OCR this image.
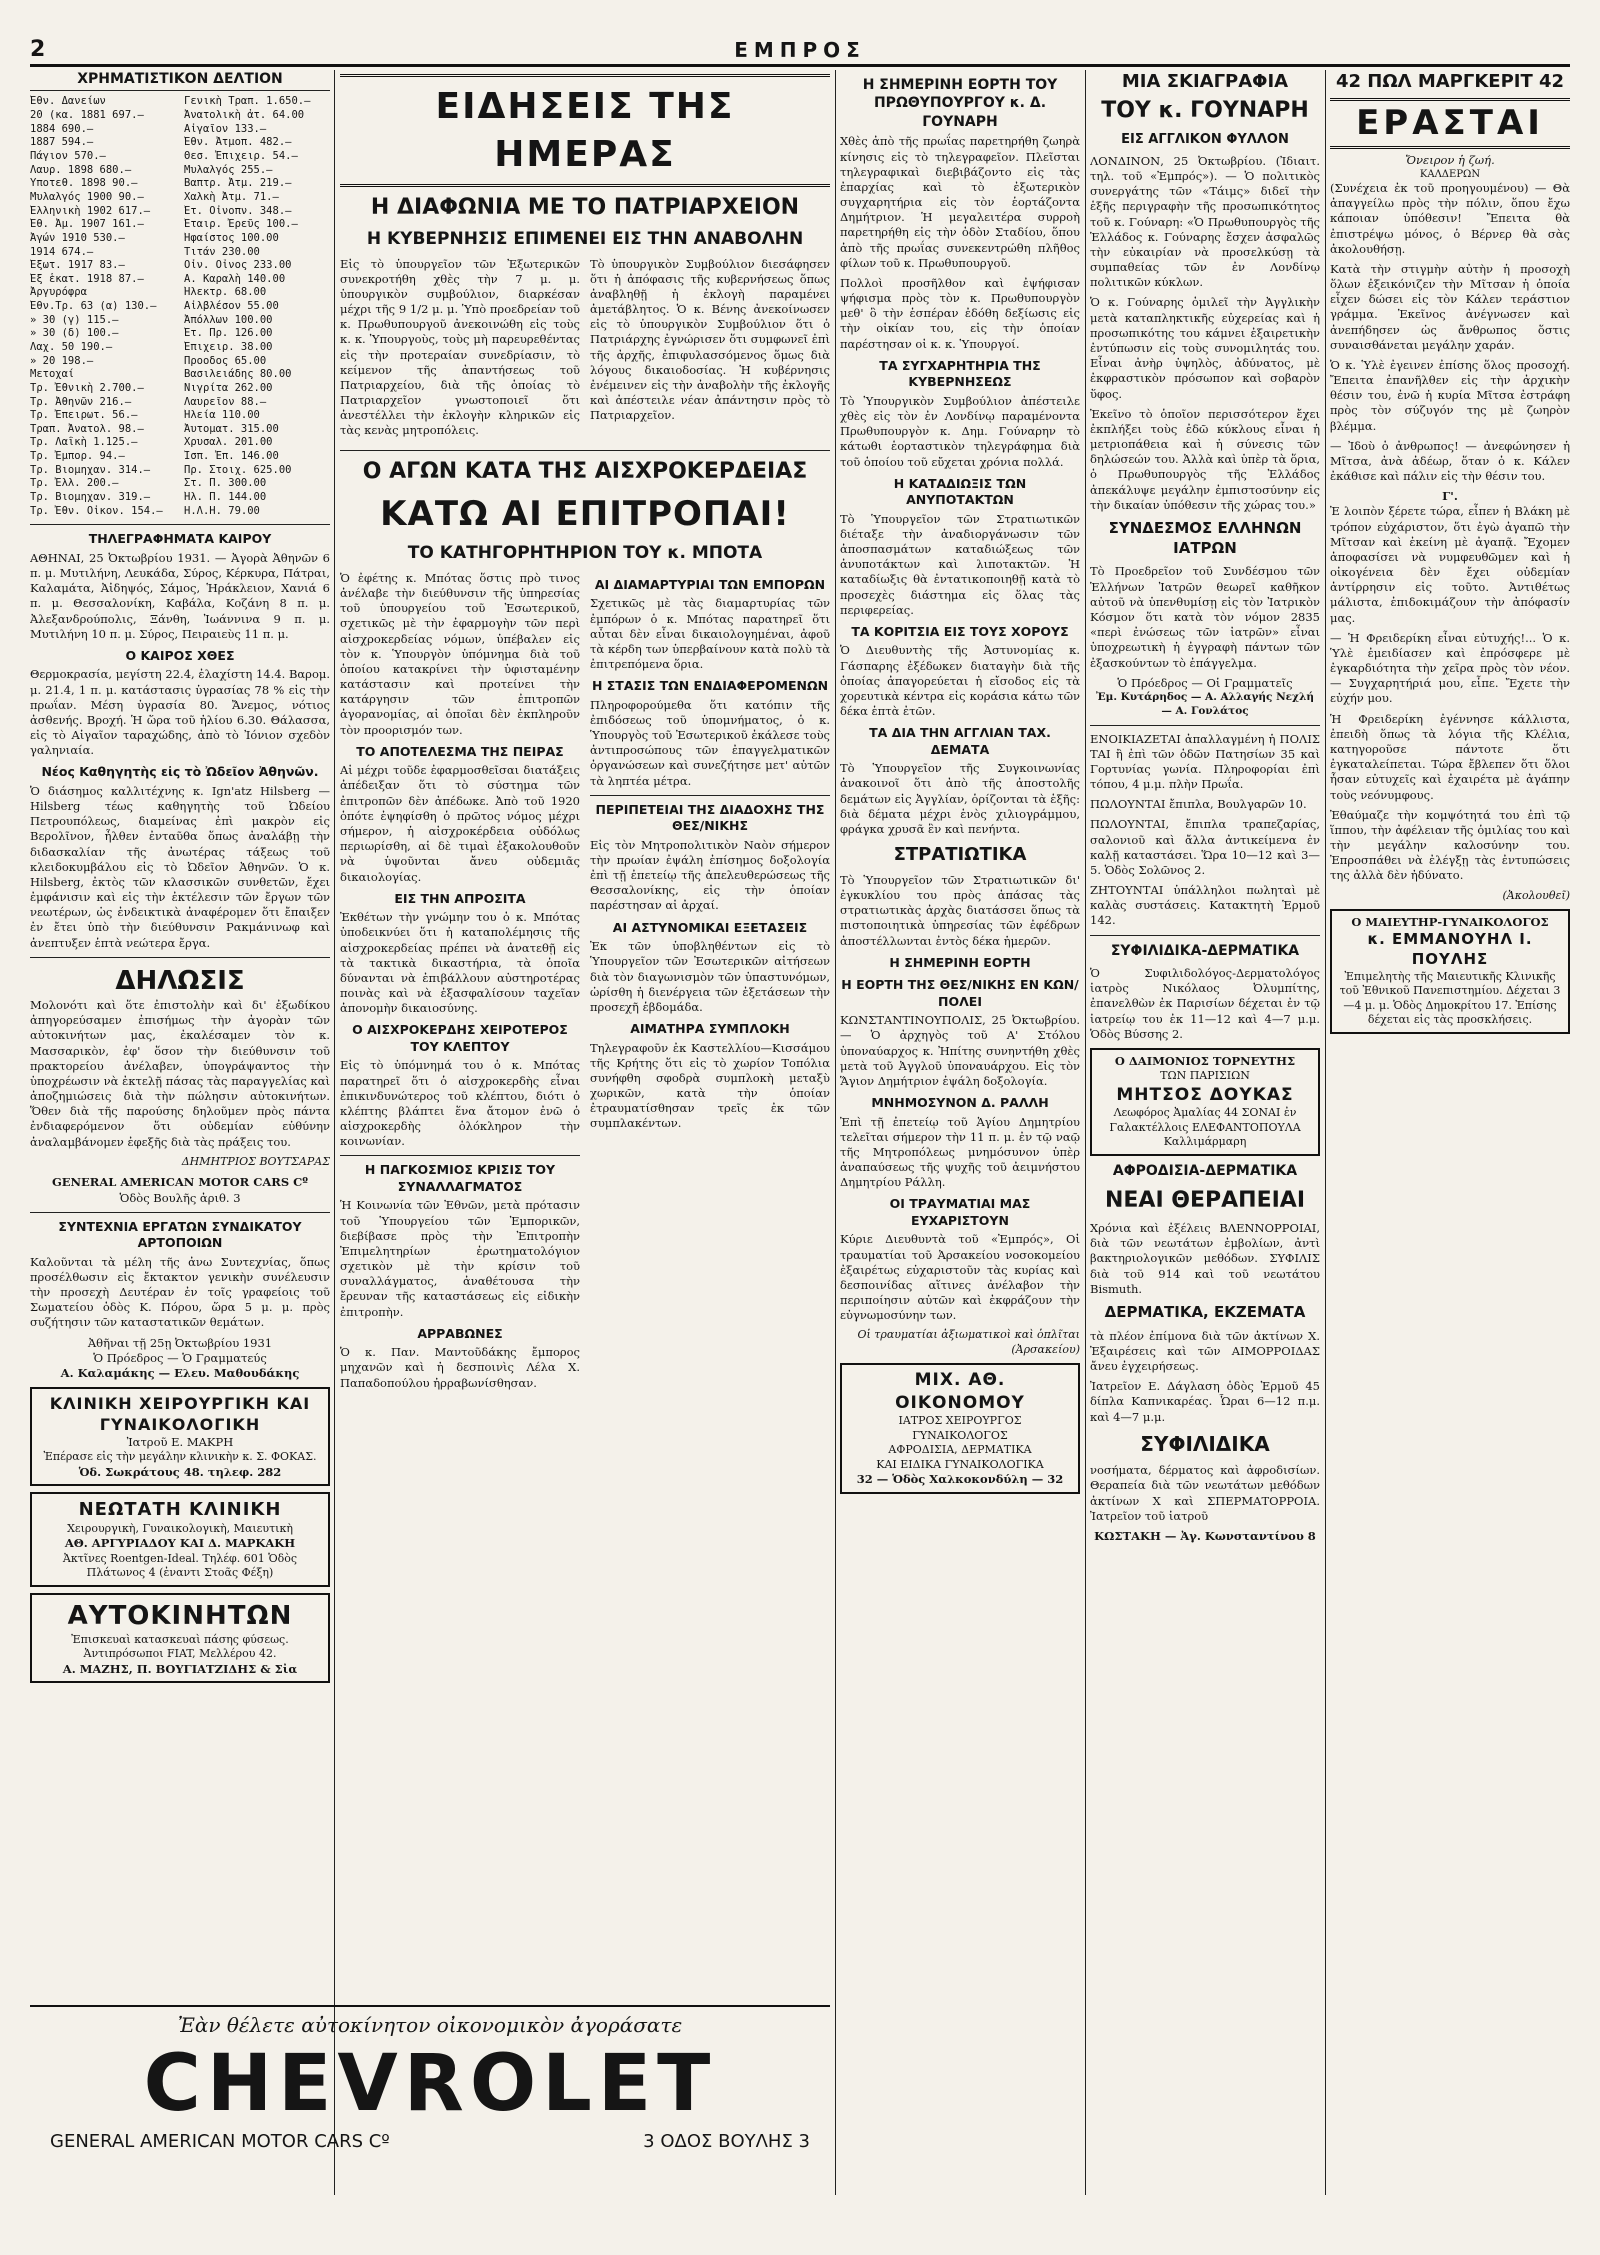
2	ΕΜΠΡΟΣ
ΧΡΗΜΑΤΙΣΤΙΚΟΝ ΔΕΛΤΙΟΝ
Ἐθν. Δανείων	Γενικὴ Τραπ. 1.650.—
20 (κα. 1881 697.—	Ἀνατολικὴ ἀτ. 64.00
1884 690.—	Αἰγαῖον 133.—
1887 594.—	Ἐθν. Ἀτμοπ. 482.—
Πάγιον 570.—	Θεσ. Ἐπιχειρ. 54.—
Λαυρ. 1898 680.—	Μυλαλγός 255.—
Ὑποτεθ. 1898 90.—	Βαπτρ. Ἀτμ. 219.—
Μυλαλγός 1900 90.—	Χαλκὴ Ἀτμ. 71.—
Ἐλληνικὴ 1902 617.—	Ἑτ. Οἰνοπν. 348.—
Ἐθ. Ἀμ. 1907 161.—	Ἑταιρ. Ἐρεῦς 100.—
Ἀγών 1910 530.—	Ἡφαίστος 100.00
1914 674.—	Τιτάν 230.00
Ἐξωτ. 1917 83.—	Οἶν. Οἶνος 233.00
Ἐξ ἑκατ. 1918 87.—	Α. Καραλὴ 140.00
Ἀργυρόφρα	Ἠλεκτρ. 68.00
Ἐθν.Τρ. 63 (α) 130.—	Αἰλβλέσον 55.00
» 30 (γ) 115.—	Ἀπόλλων 100.00
» 30 (δ) 100.—	Ἐτ. Πρ. 126.00
Λαχ. 50 190.—	Ἐπιχειρ. 38.00
» 20 198.—	Προοδος 65.00
Μετοχαί	Βασιλειάδης 80.00
Τρ. Ἐθνικὴ 2.700.—	Νιγρίτα 262.00
Τρ. Ἀθηνῶν 216.—	Λαυρεῖον 88.—
Τρ. Ἐπειρωτ. 56.—	Ἡλεία 110.00
Τραπ. Ἀνατολ. 98.—	Ἀυτοματ. 315.00
Τρ. Λαΐκὴ 1.125.—	Χρυσαλ. 201.00
Τρ. Ἐμπορ. 94.—	Ἰσπ. Ἐπ. 146.00
Τρ. Βιομηχαν. 314.—	Πρ. Στοιχ. 625.00
Τρ. Ἐλλ. 200.—	Στ. Π. 300.00
Τρ. Βιομηχαν. 319.—	Ἠλ. Π. 144.00
Τρ. Ἐθν. Οἰκον. 154.—	Η.Λ.Η. 79.00
ΤΗΛΕΓΡΑΦΗΜΑΤΑ ΚΑΙΡΟΥ

ΑΘΗΝΑΙ, 25 Ὀκτωβρίου 1931. — Ἀγορὰ Ἀθηνῶν 6 π. μ. Μυτιλήνη, Λευκάδα, Σύρος, Κέρκυρα, Πάτραι, Καλαμάτα, Ἀἰδηψός, Σάμος, Ἡράκλειον, Χανιά 6 π. μ. Θεσσαλονίκη, Καβάλα, Κοζάνη 8 π. μ. Ἀλεξανδρούπολις, Ξάνθη, Ἰωάννινα 9 π. μ. Μυτιλήνη 10 π. μ. Σύρος, Πειραιεὺς 11 π. μ.

Ο ΚΑΙΡΟΣ ΧΘΕΣ

Θερμοκρασία, μεγίστη 22.4, ἐλαχίστη 14.4. Βαρομ. μ. 21.4, 1 π. μ. κατάστασις ὑγρασίας 78 % εἰς τὴν πρωΐαν. Μέση ὑγρασία 80. Ἄνεμος, νότιος ἀσθενής. Βροχή. Ἡ ὥρα τοῦ ἡλίου 6.30. Θάλασσα, εἰς τὸ Αἰγαῖον ταραχώδης, ἀπὸ τὸ Ἰόνιον σχεδὸν γαληνιαία.

Νέος Καθηγητὴς εἰς τὸ Ὠδεῖον Ἀθηνῶν.

Ὁ διάσημος καλλιτέχνης κ. Ign'atz Hilsberg — Hilsberg τέως καθηγητὴς τοῦ Ὠδείου Πετρουπόλεως, διαμείνας ἐπὶ μακρὸν εἰς Βερολῖνον, ἦλθεν ἐνταῦθα ὅπως ἀναλάβῃ τὴν διδασκαλίαν τῆς ἀνωτέρας τάξεως τοῦ κλειδοκυμβάλου εἰς τὸ Ὠδεῖον Ἀθηνῶν. Ὁ κ. Hilsberg, ἐκτὸς τῶν κλασσικῶν συνθετῶν, ἔχει ἐμφάνισιν καὶ εἰς τὴν ἐκτέλεσιν τῶν ἔργων τῶν νεωτέρων, ὡς ἐνδεικτικὰ ἀναφέρομεν ὅτι ἔπαιξεν ἐν ἔτει ὑπὸ τὴν διεύθυνσιν Ρακμάνινωφ καὶ ἀνεπτυξεν ἑπτὰ νεώτερα ἔργα.

ΔΗΛΩΣΙΣ

Μολονότι καὶ ὅτε ἐπιστολὴν καὶ δι' ἐξωδίκου ἀπηγορεύσαμεν ἐπισήμως τὴν ἀγορὰν τῶν αὐτοκινήτων μας, ἐκαλέσαμεν τὸν κ. Μασσαρικὸν, ἐφ' ὅσον τὴν διεύθυνσιν τοῦ πρακτορείου ἀνέλαβεν, ὑπογράψαντος τὴν ὑποχρέωσιν νὰ ἐκτελῇ πάσας τὰς παραγγελίας καὶ ἀποζημιώσεις διὰ τὴν πώλησιν αὐτοκινήτων. Ὅθεν διὰ τῆς παρούσης δηλοῦμεν πρὸς πάντα ἐνδιαφερόμενον ὅτι οὐδεμίαν εὐθύνην ἀναλαμβάνομεν ἐφεξῆς διὰ τὰς πράξεις του.

ΔΗΜΗΤΡΙΟΣ ΒΟΥΤΣΑΡΑΣ
GENERAL AMERICAN MOTOR CARS Cº
Ὁδὸς Βουλῆς ἀριθ. 3
ΣΥΝΤΕΧΝΙΑ ΕΡΓΑΤΩΝ ΣΥΝΔΙΚΑΤΟΥ ΑΡΤΟΠΟΙΩΝ

Καλοῦνται τὰ μέλη τῆς ἀνω Συντεχνίας, ὅπως προσέλθωσιν εἰς ἔκτακτον γενικὴν συνέλευσιν τὴν προσεχὴ Δευτέραν ἐν τοῖς γραφείοις τοῦ Σωματείου ὁδὸς Κ. Πόρου, ὥρα 5 μ. μ. πρὸς συζήτησιν τῶν καταστατικῶν θεμάτων.

Ἀθῆναι τῇ 25ῃ Ὀκτωβρίου 1931
Ὁ Πρόεδρος — Ὁ Γραμματεύς
Α. Καλαμάκης — Ελευ. Μαθουδάκης
ΚΛΙΝΙΚΗ ΧΕΙΡΟΥΡΓΙΚΗ ΚΑΙ ΓΥΝΑΙΚΟΛΟΓΙΚΗ
Ἰατροῦ Ε. ΜΑΚΡΗ
Ἐπέρασε εἰς τὴν μεγάλην κλινικὴν κ. Σ. ΦΟΚΑΣ.
Ὁδ. Σωκράτους 48. τηλεφ. 282
ΝΕΩΤΑΤΗ ΚΛΙΝΙΚΗ
Χειρουργικὴ, Γυναικολογικὴ, Μαιευτικὴ
ΑΘ. ΑΡΓΥΡΙΑΔΟΥ ΚΑΙ Δ. ΜΑΡΚΑΚΗ
Ἀκτῖνες Roentgen-Ideal. Τηλέφ. 601 Ὁδὸς Πλάτωνος 4 (ἐναντι Στοᾶς Φέξη)
ΑΥΤΟΚΙΝΗΤΩΝ
Ἐπισκευαὶ κατασκευαὶ πάσης φύσεως. Ἀντιπρόσωποι FIAT, Μελλέρου 42.
Α. ΜΑΖΗΣ, Π. ΒΟΥΓΙΑΤΖΙΔΗΣ & Σἰα
ΕΙΔΗΣΕΙΣ ΤΗΣ ΗΜΕΡΑΣ
Η ΔΙΑΦΩΝΙΑ ΜΕ ΤΟ ΠΑΤΡΙΑΡΧΕΙΟΝ
Η ΚΥΒΕΡΝΗΣΙΣ ΕΠΙΜΕΝΕΙ ΕΙΣ ΤΗΝ ΑΝΑΒΟΛΗΝ

Εἰς τὸ ὑπουργεῖον τῶν Ἐξωτερικῶν συνεκροτήθη χθὲς τὴν 7 μ. μ. ὑπουργικὸν συμβούλιον, διαρκέσαν μέχρι τῆς 9 1/2 μ. μ. Ὑπὸ προεδρείαν τοῦ κ. Πρωθυπουργοῦ ἀνεκοινώθη εἰς τοὺς κ. κ. Ὑπουργοὺς, τοὺς μὴ παρευρεθέντας εἰς τὴν προτεραίαν συνεδρίασιν, τὸ κείμενον τῆς ἀπαντήσεως τοῦ Πατριαρχείου, διὰ τῆς ὁποίας τὸ Πατριαρχεῖον γνωστοποιεῖ ὅτι ἀνεστέλλει τὴν ἐκλογὴν κληρικῶν εἰς τὰς κενὰς μητροπόλεις.

Τὸ ὑπουργικὸν Συμβούλιον διεσάφησεν ὅτι ἡ ἀπόφασις τῆς κυβερνήσεως ὅπως ἀναβληθῇ ἡ ἐκλογὴ παραμένει ἀμετάβλητος. Ὁ κ. Βένης ἀνεκοίνωσεν εἰς τὸ ὑπουργικὸν Συμβούλιον ὅτι ὁ Πατριάρχης ἐγνώρισεν ὅτι συμφωνεῖ ἐπὶ τῆς ἀρχῆς, ἐπιφυλασσόμενος ὅμως διὰ λόγους δικαιοδοσίας. Ἡ κυβέρνησις ἐνέμεινεν εἰς τὴν ἀναβολὴν τῆς ἐκλογῆς καὶ ἀπέστειλε νέαν ἀπάντησιν πρὸς τὸ Πατριαρχεῖον.

Ο ΑΓΩΝ ΚΑΤΑ ΤΗΣ ΑΙΣΧΡΟΚΕΡΔΕΙΑΣ
ΚΑΤΩ ΑΙ ΕΠΙΤΡΟΠΑΙ!
ΤΟ ΚΑΤΗΓΟΡΗΤΗΡΙΟΝ ΤΟΥ κ. ΜΠΟΤΑ

Ὁ ἐφέτης κ. Μπότας ὅστις πρὸ τινος ἀνέλαβε τὴν διεύθυνσιν τῆς ὑπηρεσίας τοῦ ὑπουργείου τοῦ Ἐσωτερικοῦ, σχετικῶς μὲ τὴν ἐφαρμογὴν τῶν περὶ αἰσχροκερδείας νόμων, ὑπέβαλεν εἰς τὸν κ. Ὑπουργὸν ὑπόμνημα διὰ τοῦ ὁποίου κατακρίνει τὴν ὑφισταμένην κατάστασιν καὶ προτείνει τὴν κατάργησιν τῶν ἐπιτροπῶν ἀγορανομίας, αἱ ὁποῖαι δὲν ἐκπληροῦν τὸν προορισμόν των.

ΤΟ ΑΠΟΤΕΛΕΣΜΑ ΤΗΣ ΠΕΙΡΑΣ

Αἱ μέχρι τοῦδε ἐφαρμοσθεῖσαι διατάξεις ἀπέδειξαν ὅτι τὸ σύστημα τῶν ἐπιτροπῶν δὲν ἀπέδωκε. Ἀπὸ τοῦ 1920 ὁπότε ἐψηφίσθη ὁ πρῶτος νόμος μέχρι σήμερον, ἡ αἰσχροκέρδεια οὐδόλως περιωρίσθη, αἱ δὲ τιμαὶ ἐξακολουθοῦν νὰ ὑψοῦνται ἄνευ οὐδεμιᾶς δικαιολογίας.

ΕΙΣ ΤΗΝ ΑΠΡΟΣΙΤΑ

Ἐκθέτων τὴν γνώμην του ὁ κ. Μπότας ὑποδεικνύει ὅτι ἡ καταπολέμησις τῆς αἰσχροκερδείας πρέπει νὰ ἀνατεθῇ εἰς τὰ τακτικὰ δικαστήρια, τὰ ὁποῖα δύνανται νὰ ἐπιβάλλουν αὐστηροτέρας ποινὰς καὶ νὰ ἐξασφαλίσουν ταχεῖαν ἀπονομὴν δικαιοσύνης.

Ο ΑΙΣΧΡΟΚΕΡΔΗΣ ΧΕΙΡΟΤΕΡΟΣ ΤΟΥ ΚΛΕΠΤΟΥ

Εἰς τὸ ὑπόμνημά του ὁ κ. Μπότας παρατηρεῖ ὅτι ὁ αἰσχροκερδὴς εἶναι ἐπικινδυνώτερος τοῦ κλέπτου, διότι ὁ κλέπτης βλάπτει ἕνα ἄτομον ἐνῶ ὁ αἰσχροκερδὴς ὁλόκληρον τὴν κοινωνίαν.

Η ΠΑΓΚΟΣΜΙΟΣ ΚΡΙΣΙΣ ΤΟΥ ΣΥΝΑΛΛΑΓΜΑΤΟΣ

Ἡ Κοινωνία τῶν Ἐθνῶν, μετὰ πρότασιν τοῦ Ὑπουργείου τῶν Ἐμπορικῶν, διεβίβασε πρὸς τὴν Ἐπιτροπὴν Ἐπιμελητηρίων ἐρωτηματολόγιον σχετικὸν μὲ τὴν κρίσιν τοῦ συναλλάγματος, ἀναθέτουσα τὴν ἔρευναν τῆς καταστάσεως εἰς εἰδικὴν ἐπιτροπὴν.

ΑΡΡΑΒΩΝΕΣ

Ὁ κ. Παν. Μαντοῦδάκης ἔμπορος μηχανῶν καὶ ἡ δεσποινὶς Λέλα Χ. Παπαδοπούλου ἠρραβωνίσθησαν.

ΑΙ ΔΙΑΜΑΡΤΥΡΙΑΙ ΤΩΝ ΕΜΠΟΡΩΝ

Σχετικῶς μὲ τὰς διαμαρτυρίας τῶν ἐμπόρων ὁ κ. Μπότας παρατηρεῖ ὅτι αὗται δὲν εἶναι δικαιολογημέναι, ἀφοῦ τὰ κέρδη των ὑπερβαίνουν κατὰ πολὺ τὰ ἐπιτρεπόμενα ὅρια.

Η ΣΤΑΣΙΣ ΤΩΝ ΕΝΔΙΑΦΕΡΟΜΕΝΩΝ

Πληροφορούμεθα ὅτι κατόπιν τῆς ἐπιδόσεως τοῦ ὑπομνήματος, ὁ κ. Ὑπουργὸς τοῦ Ἐσωτερικοῦ ἐκάλεσε τοὺς ἀντιπροσώπους τῶν ἐπαγγελματικῶν ὀργανώσεων καὶ συνεζήτησε μετ' αὐτῶν τὰ ληπτέα μέτρα.

ΠΕΡΙΠΕΤΕΙΑΙ ΤΗΣ ΔΙΑΔΟΧΗΣ ΤΗΣ ΘΕΣ/ΝΙΚΗΣ

Εἰς τὸν Μητροπολιτικὸν Ναὸν σήμερον τὴν πρωίαν ἐψάλη ἐπίσημος δοξολογία ἐπὶ τῇ ἐπετείῳ τῆς ἀπελευθερώσεως τῆς Θεσσαλονίκης, εἰς τὴν ὁποίαν παρέστησαν αἱ ἀρχαί.

ΑΙ ΑΣΤΥΝΟΜΙΚΑΙ ΕΞΕΤΑΣΕΙΣ

Ἐκ τῶν ὑποβληθέντων εἰς τὸ Ὑπουργεῖον τῶν Ἐσωτερικῶν αἰτήσεων διὰ τὸν διαγωνισμὸν τῶν ὑπαστυνόμων, ὠρίσθη ἡ διενέργεια τῶν ἐξετάσεων τὴν προσεχῆ ἑβδομάδα.

ΑΙΜΑΤΗΡΑ ΣΥΜΠΛΟΚΗ

Τηλεγραφοῦν ἐκ Καστελλίου—Κισσάμου τῆς Κρήτης ὅτι εἰς τὸ χωρίον Τοπόλια συνήφθη σφοδρὰ συμπλοκὴ μεταξὺ χωρικῶν, κατὰ τὴν ὁποίαν ἐτραυματίσθησαν τρεῖς ἐκ τῶν συμπλακέντων.

Η ΣΗΜΕΡΙΝΗ ΕΟΡΤΗ ΤΟΥ ΠΡΩΘΥΠΟΥΡΓΟΥ κ. Δ. ΓΟΥΝΑΡΗ

Χθὲς ἀπὸ τῆς πρωΐας παρετηρήθη ζωηρὰ κίνησις εἰς τὸ τηλεγραφεῖον. Πλεῖσται τηλεγραφικαὶ διεβιβάζοντο εἰς τὰς ἐπαρχίας καὶ τὸ ἐξωτερικὸν συγχαρητήρια εἰς τὸν ἑορτάζοντα Δημήτριον. Ἡ μεγαλειτέρα συρροὴ παρετηρήθη εἰς τὴν ὁδὸν Σταδίου, ὅπου ἀπὸ τῆς πρωΐας συνεκεντρώθη πλῆθος φίλων τοῦ κ. Πρωθυπουργοῦ.

Πολλοὶ προσῆλθον καὶ ἐψήφισαν ψήφισμα πρὸς τὸν κ. Πρωθυπουργὸν μεθ' ὃ τὴν ἑσπέραν ἐδόθη δεξίωσις εἰς τὴν οἰκίαν του, εἰς τὴν ὁποίαν παρέστησαν οἱ κ. κ. Ὑπουργοί.

ΤΑ ΣΥΓΧΑΡΗΤΗΡΙΑ ΤΗΣ ΚΥΒΕΡΝΗΣΕΩΣ

Τὸ Ὑπουργικὸν Συμβούλιον ἀπέστειλε χθὲς εἰς τὸν ἐν Λονδίνῳ παραμένοντα Πρωθυπουργὸν κ. Δημ. Γούναρην τὸ κάτωθι ἑορταστικὸν τηλεγράφημα διὰ τοῦ ὁποίου τοῦ εὔχεται χρόνια πολλά.

Η ΚΑΤΑΔΙΩΞΙΣ ΤΩΝ ΑΝΥΠΟΤΑΚΤΩΝ

Τὸ Ὑπουργεῖον τῶν Στρατιωτικῶν διέταξε τὴν ἀναδιοργάνωσιν τῶν ἀποσπασμάτων καταδιώξεως τῶν ἀνυποτάκτων καὶ λιποτακτῶν. Ἡ καταδίωξις θὰ ἐντατικοποιηθῇ κατὰ τὸ προσεχὲς διάστημα εἰς ὅλας τὰς περιφερείας.

ΤΑ ΚΟΡΙΤΣΙΑ ΕΙΣ ΤΟΥΣ ΧΟΡΟΥΣ

Ὁ Διευθυντὴς τῆς Ἀστυνομίας κ. Γάσπαρης ἐξέδωκεν διαταγὴν διὰ τῆς ὁποίας ἀπαγορεύεται ἡ εἴσοδος εἰς τὰ χορευτικὰ κέντρα εἰς κοράσια κάτω τῶν δέκα ἑπτὰ ἐτῶν.

ΤΑ ΔΙΑ ΤΗΝ ΑΓΓΛΙΑΝ ΤΑΧ. ΔΕΜΑΤΑ

Τὸ Ὑπουργεῖον τῆς Συγκοινωνίας ἀνακοινοῖ ὅτι ἀπὸ τῆς ἀποστολῆς δεμάτων εἰς Ἀγγλίαν, ὁρίζονται τὰ ἑξῆς: διὰ δέματα μέχρι ἑνὸς χιλιογράμμου, φράγκα χρυσᾶ ἓν καὶ πενήντα.

ΣΤΡΑΤΙΩΤΙΚΑ

Τὸ Ὑπουργεῖον τῶν Στρατιωτικῶν δι' ἐγκυκλίου του πρὸς ἁπάσας τὰς στρατιωτικὰς ἀρχὰς διατάσσει ὅπως τὰ πιστοποιητικὰ ὑπηρεσίας τῶν ἐφέδρων ἀποστέλλωνται ἐντὸς δέκα ἡμερῶν.

Η ΣΗΜΕΡΙΝΗ ΕΟΡΤΗ
Η ΕΟΡΤΗ ΤΗΣ ΘΕΣ/ΝΙΚΗΣ ΕΝ ΚΩΝ/ΠΟΛΕΙ

ΚΩΝΣΤΑΝΤΙΝΟΥΠΟΛΙΣ, 25 Ὀκτωβρίου. — Ὁ ἀρχηγὸς τοῦ Α' Στόλου ὑποναύαρχος κ. Ἠπίτης συνηντήθη χθὲς μετὰ τοῦ Ἀγγλοῦ ὑποναυάρχου. Εἰς τὸν Ἅγιον Δημήτριον ἐψάλη δοξολογία.

ΜΝΗΜΟΣΥΝΟΝ Δ. ΡΑΛΛΗ

Ἐπὶ τῇ ἐπετείῳ τοῦ Ἁγίου Δημητρίου τελεῖται σήμερον τὴν 11 π. μ. ἐν τῷ ναῷ τῆς Μητροπόλεως μνημόσυνον ὑπὲρ ἀναπαύσεως τῆς ψυχῆς τοῦ ἀειμνήστου Δημητρίου Ράλλη.

ΟΙ ΤΡΑΥΜΑΤΙΑΙ ΜΑΣ ΕΥΧΑΡΙΣΤΟΥΝ

Κύριε Διευθυντὰ τοῦ «Ἐμπρός», Οἱ τραυματίαι τοῦ Ἀρσακείου νοσοκομείου ἐξαιρέτως εὐχαριστοῦν τὰς κυρίας καὶ δεσποινίδας αἵτινες ἀνέλαβον τὴν περιποίησιν αὐτῶν καὶ ἐκφράζουν τὴν εὐγνωμοσύνην των.

Οἱ τραυματίαι ἀξιωματικοὶ καὶ ὁπλῖται (Ἀρσακείου)
ΜΙΧ. ΑΘ. ΟΙΚΟΝΟΜΟΥ
ΙΑΤΡΟΣ ΧΕΙΡΟΥΡΓΟΣ
ΓΥΝΑΙΚΟΛΟΓΟΣ
ΑΦΡΟΔΙΣΙΑ, ΔΕΡΜΑΤΙΚΑ
ΚΑΙ ΕΙΔΙΚΑ ΓΥΝΑΙΚΟΛΟΓΙΚΑ
32 — Ὁδὸς Χαλκοκονδύλη — 32
ΜΙΑ ΣΚΙΑΓΡΑΦΙΑ
ΤΟΥ κ. ΓΟΥΝΑΡΗ
ΕΙΣ ΑΓΓΛΙΚΟΝ ΦΥΛΛΟΝ

ΛΟΝΔΙΝΟΝ, 25 Ὀκτωβρίου. (Ἰδιαιτ. τηλ. τοῦ «Ἐμπρός»). — Ὁ πολιτικὸς συνεργάτης τῶν «Τάιμς» διδεῖ τὴν ἑξῆς περιγραφὴν τῆς προσωπικότητος τοῦ κ. Γούναρη: «Ὁ Πρωθυπουργὸς τῆς Ἑλλάδος κ. Γούναρης ἔσχεν ἀσφαλῶς τὴν εὐκαιρίαν νὰ προσελκύσῃ τὰ συμπαθείας τῶν ἐν Λονδίνῳ πολιτικῶν κύκλων.

Ὁ κ. Γούναρης ὁμιλεῖ τὴν Ἀγγλικὴν μετὰ καταπληκτικῆς εὐχερείας καὶ ἡ προσωπικότης του κάμνει ἐξαιρετικὴν ἐντύπωσιν εἰς τοὺς συνομιλητάς του. Εἶναι ἀνὴρ ὑψηλὸς, ἀδύνατος, μὲ ἐκφραστικὸν πρόσωπον καὶ σοβαρὸν ὕφος.

Ἐκεῖνο τὸ ὁποῖον περισσότερον ἔχει ἐκπλήξει τοὺς ἐδῶ κύκλους εἶναι ἡ μετριοπάθεια καὶ ἡ σύνεσις τῶν δηλώσεών του. Ἀλλὰ καὶ ὑπὲρ τὰ ὅρια, ὁ Πρωθυπουργὸς τῆς Ἑλλάδος ἀπεκάλυψε μεγάλην ἐμπιστοσύνην εἰς τὴν δικαίαν ὑπόθεσιν τῆς χώρας του.»

ΣΥΝΔΕΣΜΟΣ ΕΛΛΗΝΩΝ ΙΑΤΡΩΝ

Τὸ Προεδρεῖον τοῦ Συνδέσμου τῶν Ἑλλήνων Ἰατρῶν θεωρεῖ καθῆκον αὐτοῦ νὰ ὑπενθυμίσῃ εἰς τὸν Ἰατρικὸν Κόσμον ὅτι κατὰ τὸν νόμον 2835 «περὶ ἐνώσεως τῶν ἰατρῶν» εἶναι ὑποχρεωτικὴ ἡ ἐγγραφὴ πάντων τῶν ἐξασκούντων τὸ ἐπάγγελμα.

Ὁ Πρόεδρος — Οἱ Γραμματεῖς
Ἐμ. Κυτάρηδος — Α. Αλλαγής Νεχλή — Α. Γονλάτος

ΕΝΟΙΚΙΑΖΕΤΑΙ ἀπαλλαγμένη ἡ ΠΟΛΙΣ ΤΑΙ ἢ ἐπὶ τῶν ὁδῶν Πατησίων 35 καὶ Γορτυνίας γωνία. Πληροφορίαι ἐπὶ τόπου, 4 μ.μ. πλὴν Πρωΐα.

ΠΩΛΟΥΝΤΑΙ ἔπιπλα, Βουλγαρῶν 10.

ΠΩΛΟΥΝΤΑΙ, ἔπιπλα τραπεζαρίας, σαλονιοῦ καὶ ἄλλα ἀντικείμενα ἐν καλῇ καταστάσει. Ὥρα 10—12 καὶ 3—5. Ὁδὸς Σολῶνος 2.

ΖΗΤΟΥΝΤΑΙ ὑπάλληλοι πωληταὶ μὲ καλὰς συστάσεις. Κατακτητὴ Ἑρμοῦ 142.

ΣΥΦΙΛΙΔΙΚΑ-ΔΕΡΜΑΤΙΚΑ

Ὁ Συφιλιδολόγος-Δερματολόγος ἰατρὸς Νικόλαος Ὀλυμπίτης, ἐπανελθὼν ἐκ Παρισίων δέχεται ἐν τῷ ἰατρείῳ του ἐκ 11—12 καὶ 4—7 μ.μ. Ὁδὸς Βύσσης 2.

Ο ΔΑΙΜΟΝΙΟΣ ΤΟΡΝΕΥΤΗΣ
ΤΩΝ ΠΑΡΙΣΙΩΝ
ΜΗΤΣΟΣ ΔΟΥΚΑΣ
Λεωφόρος Ἀμαλίας 44 ΣΟΝΑΙ ἐν Γαλακτέλλοις ΕΛΕΦΑΝΤΟΠΟΥΛΑ Καλλιμάρμαρη
ΑΦΡΟΔΙΣΙΑ-ΔΕΡΜΑΤΙΚΑ
ΝΕΑΙ ΘΕΡΑΠΕΙΑΙ

Χρόνια καὶ ἐξέλεις ΒΛΕΝΝΟΡΡΟΙΑΙ, διὰ τῶν νεωτάτων ἐμβολίων, ἀντὶ βακτηριολογικῶν μεθόδων. ΣΥΦΙΛΙΣ διὰ τοῦ 914 καὶ τοῦ νεωτάτου Bismuth.

ΔΕΡΜΑΤΙΚΑ, ΕΚΖΕΜΑΤΑ

τὰ πλέον ἐπίμονα διὰ τῶν ἀκτίνων X. Ἐξαιρέσεις καὶ τῶν ΑΙΜΟΡΡΟΙΔΑΣ ἄνευ ἐγχειρήσεως.

Ἰατρεῖον Ε. Δάγλαση ὁδὸς Ἑρμοῦ 45 δίπλα Καπνικαρέας. Ὧραι 6—12 π.μ. καὶ 4—7 μ.μ.

ΣΥΦΙΛΙΔΙΚΑ

νοσήματα, δέρματος καὶ ἀφροδισίων. Θεραπεία διὰ τῶν νεωτάτων μεθόδων ἀκτίνων X καὶ ΣΠΕΡΜΑΤΟΡΡΟΙΑ. Ἰατρεῖον τοῦ ἰατροῦ

ΚΩΣΤΑΚΗ — Ἀγ. Κωνσταντίνου 8
42 ΠΩΛ ΜΑΡΓΚΕΡΙΤ 42
ΕΡΑΣΤΑΙ
Ὄνειρον ἡ ζωή.
ΚΑΛΔΕΡΩΝ

(Συνέχεια ἐκ τοῦ προηγουμένου) — Θὰ ἀπαγγείλω πρὸς τὴν πόλιν, ὅπου ἔχω κάποιαν ὑπόθεσιν! Ἔπειτα θὰ ἐπιστρέψω μόνος, ὁ Βέρνερ θὰ σὰς ἀκολουθήσῃ.

Κατὰ τὴν στιγμὴν αὐτὴν ἡ προσοχὴ ὅλων ἐξεικόνιζεν τὴν Μῖτσαν ἡ ὁποία εἶχεν δώσει εἰς τὸν Κάλεν τεράστιον γράμμα. Ἐκεῖνος ἀνέγνωσεν καὶ ἀνεπήδησεν ὡς ἄνθρωπος ὅστις συναισθάνεται μεγάλην χαράν.

Ὁ κ. Ὑλὲ ἐγεινεν ἐπίσης ὅλος προσοχή. Ἔπειτα ἐπανῆλθεν εἰς τὴν ἀρχικὴν θέσιν του, ἐνῶ ἡ κυρία Μῖτσα ἐστράφη πρὸς τὸν σύζυγόν της μὲ ζωηρὸν βλέμμα.

— Ἰδοὺ ὁ ἀνθρωπος! — ἀνεφώνησεν ἡ Μῖτσα, ἀνὰ ἀδέωρ, ὅταν ὁ κ. Κάλεν ἐκάθισε καὶ πάλιν εἰς τὴν θέσιν του.

Γ'.

Ἐ λοιπὸν ξέρετε τώρα, εἶπεν ἡ Βλάκη μὲ τρόπον εὐχάριστον, ὅτι ἐγὼ ἀγαπῶ τὴν Μῖτσαν καὶ ἐκείνη μὲ ἀγαπᾷ. Ἔχομεν ἀποφασίσει νὰ νυμφευθῶμεν καὶ ἡ οἰκογένεια δὲν ἔχει οὐδεμίαν ἀντίρρησιν εἰς τοῦτο. Ἀντιθέτως μάλιστα, ἐπιδοκιμάζουν τὴν ἀπόφασίν μας.

— Ἡ Φρειδερίκη εἶναι εὐτυχής!... Ὁ κ. Ὑλὲ ἐμειδίασεν καὶ ἐπρόσφερε μὲ ἐγκαρδιότητα τὴν χεῖρα πρὸς τὸν νέον. — Συγχαρητήριά μου, εἶπε. Ἔχετε τὴν εὐχήν μου.

Ἡ Φρειδερίκη ἐγέννησε κάλλιστα, ἐπειδὴ ὅπως τὰ λόγια τῆς Κλέλια, κατηγοροῦσε πάντοτε ὅτι ἐγκαταλείπεται. Τώρα ἔβλεπεν ὅτι ὅλοι ἦσαν εὐτυχεῖς καὶ ἐχαιρέτα μὲ ἀγάπην τοὺς νεόνυμφους.

Ἐθαύμαζε τὴν κομψότητά του ἐπὶ τῷ ἵππου, τὴν ἀφέλειαν τῆς ὁμιλίας του καὶ τὴν μεγάλην καλοσύνην του. Ἐπροσπάθει νὰ ἐλέγξῃ τὰς ἐντυπώσεις της ἀλλὰ δὲν ἠδύνατο.

(Ἀκολουθεῖ)
Ο ΜΑΙΕΥΤΗΡ-ΓΥΝΑΙΚΟΛΟΓΟΣ
κ. ΕΜΜΑΝΟΥΗΛ Ι. ΠΟΥΛΗΣ
Ἐπιμελητὴς τῆς Μαιευτικῆς Κλινικῆς τοῦ Ἐθνικοῦ Πανεπιστημίου. Δέχεται 3—4 μ. μ. Ὁδὸς Δημοκρίτου 17. Ἐπίσης δέχεται εἰς τὰς προσκλήσεις.
Ἐὰν θέλετε αὐτοκίνητον οἰκονομικὸν ἀγοράσατε
CHEVROLET
GENERAL AMERICAN MOTOR CARS Cº	3 ΟΔΟΣ ΒΟΥΛΗΣ 3
